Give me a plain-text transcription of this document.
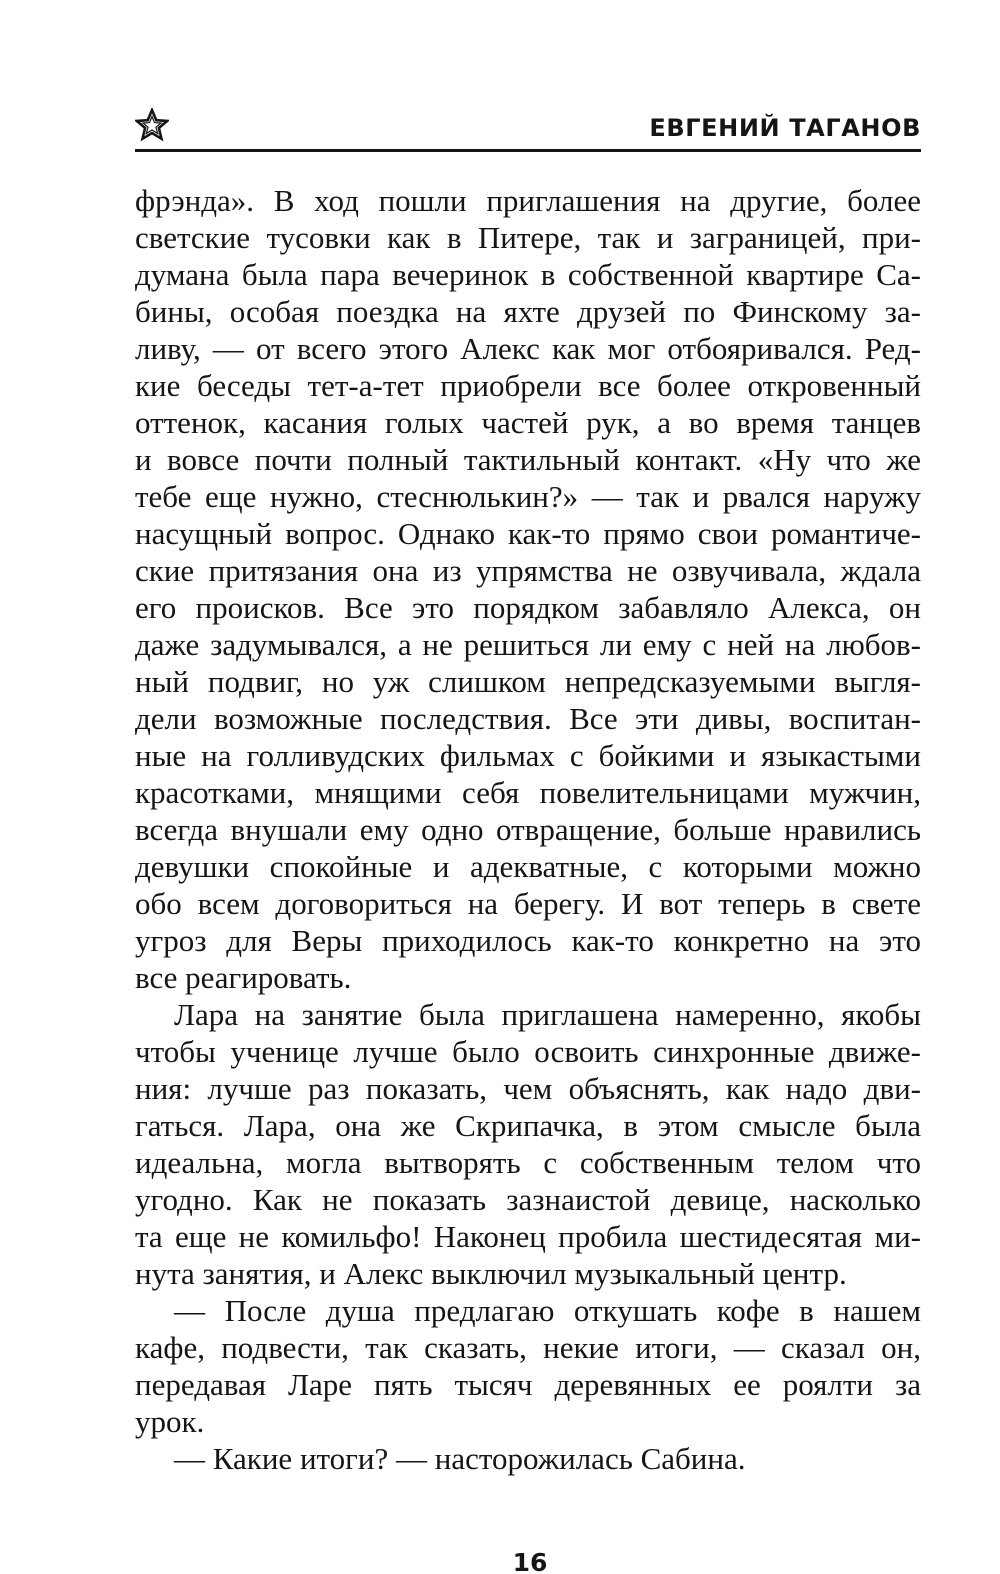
ЕВГЕНИЙ ТАГАНОВ
фрэнда». В ход пошли приглашения на другие, более
светские тусовки как в Питере, так и заграницей, при-
думана была пара вечеринок в собственной квартире Са-
бины, особая поездка на яхте друзей по Финскому за-
ливу, — от всего этого Алекс как мог отбояривался. Ред-
кие беседы тет-а-тет приобрели все более откровенный
оттенок, касания голых частей рук, а во время танцев
и вовсе почти полный тактильный контакт. «Ну что же
тебе еще нужно, стеснюлькин?» — так и рвался наружу
насущный вопрос. Однако как-то прямо свои романтиче-
ские притязания она из упрямства не озвучивала, ждала
его происков. Все это порядком забавляло Алекса, он
даже задумывался, а не решиться ли ему с ней на любов-
ный подвиг, но уж слишком непредсказуемыми выгля-
дели возможные последствия. Все эти дивы, воспитан-
ные на голливудских фильмах с бойкими и языкастыми
красотками, мнящими себя повелительницами мужчин,
всегда внушали ему одно отвращение, больше нравились
девушки спокойные и адекватные, с которыми можно
обо всем договориться на берегу. И вот теперь в свете
угроз для Веры приходилось как-то конкретно на это
все реагировать.
Лара на занятие была приглашена намеренно, якобы
чтобы ученице лучше было освоить синхронные движе-
ния: лучше раз показать, чем объяснять, как надо дви-
гаться. Лара, она же Скрипачка, в этом смысле была
идеальна, могла вытворять с собственным телом что
угодно. Как не показать зазнаистой девице, насколько
та еще не комильфо! Наконец пробила шестидесятая ми-
нута занятия, и Алекс выключил музыкальный центр.
— После душа предлагаю откушать кофе в нашем
кафе, подвести, так сказать, некие итоги, — сказал он,
передавая Ларе пять тысяч деревянных ее роялти за
урок.
— Какие итоги? — насторожилась Сабина.
16
